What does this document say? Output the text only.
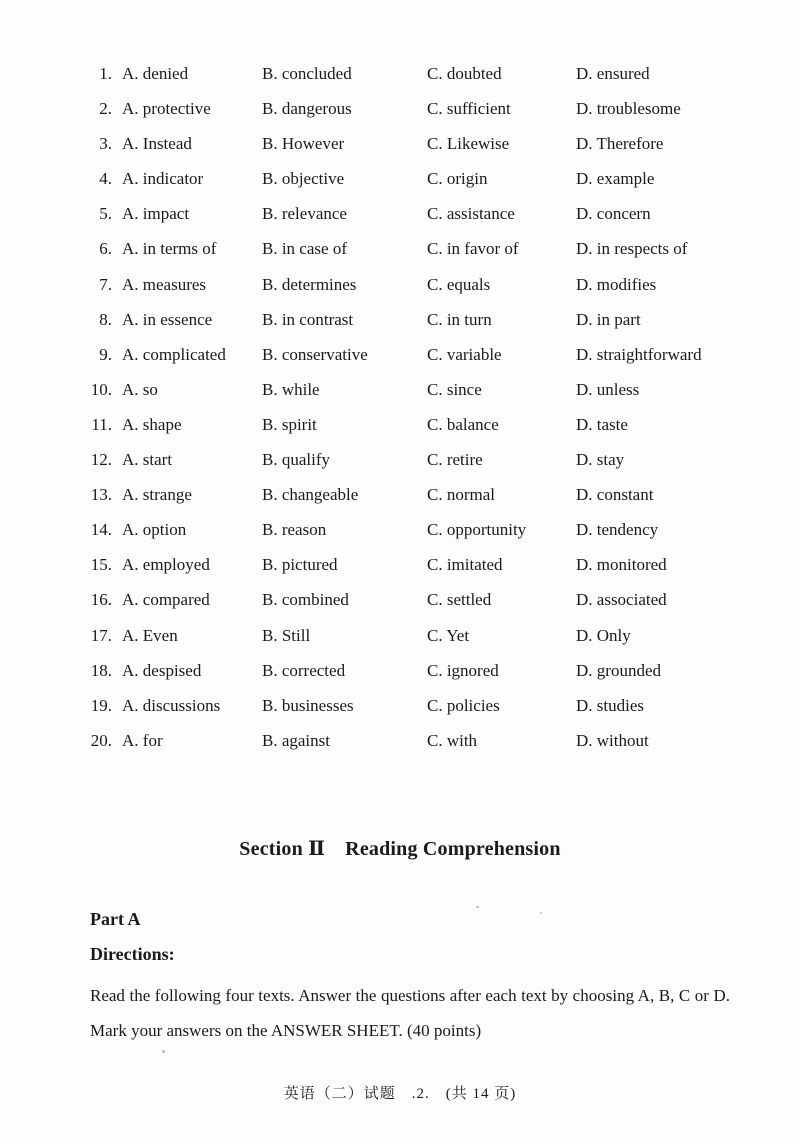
1. A. denied	B. concluded	C. doubted	D. ensured
2. A. protective	B. dangerous	C. sufficient	D. troublesome
3. A. Instead	B. However	C. Likewise	D. Therefore
4. A. indicator	B. objective	C. origin	D. example
5. A. impact	B. relevance	C. assistance	D. concern
6. A. in terms of	B. in case of	C. in favor of	D. in respects of
7. A. measures	B. determines	C. equals	D. modifies
8. A. in essence	B. in contrast	C. in turn	D. in part
9. A. complicated B. conservative	C. variable	D. straightforward
10. A. so	B. while	C. since	D. unless
11. A. shape	B. spirit	C. balance	D. taste
12. A. start	B. qualify	C. retire	D. stay
13. A. strange	B. changeable	C. normal	D. constant
14. A. option	B. reason	C. opportunity	D. tendency
15. A. employed	B. pictured	C. imitated	D. monitored
16. A. compared	B. combined	C. settled	D. associated
17. A. Even	B. Still	C. Yet	D. Only
18. A. despised	B. corrected	C. ignored	D. grounded
19. A. discussions B. businesses	C. policies	D. studies
20. A. for	B. against	C. with	D. without
Section Ⅱ Reading Comprehension
Part A
Directions:
Read the following four texts. Answer the questions after each text by choosing A, B, C or D. Mark your answers on the ANSWER SHEET. (40 points)
英语（二）试题　.2.　(共 14 页)
